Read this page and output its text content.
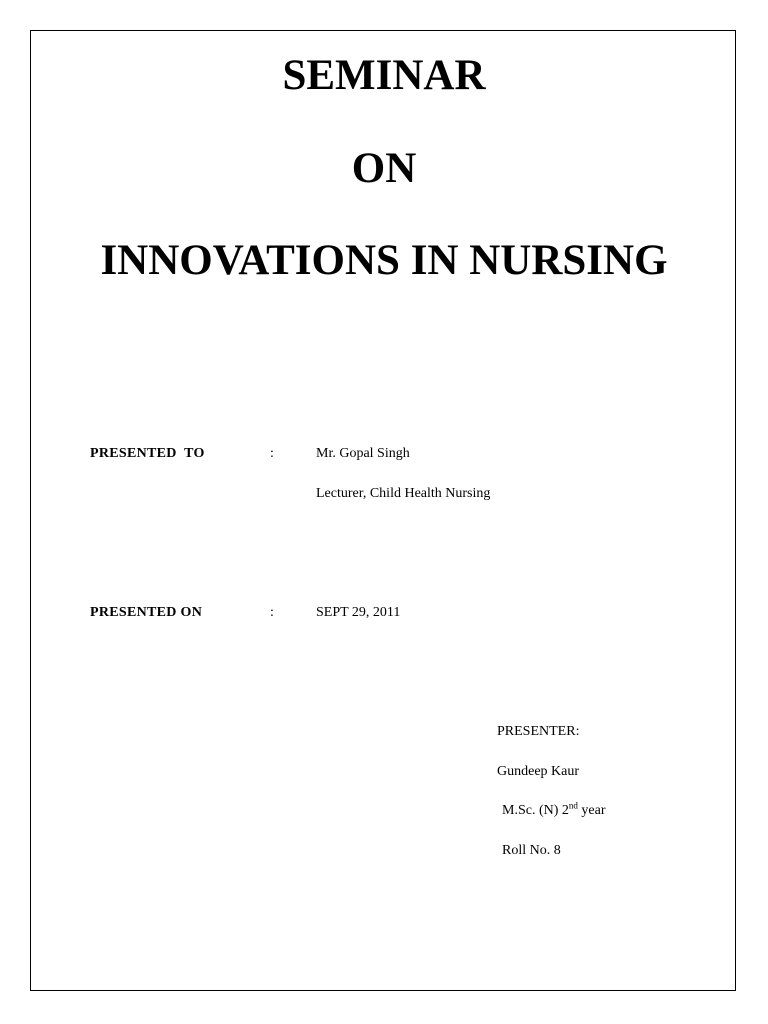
SEMINAR
ON
INNOVATIONS IN NURSING
PRESENTED  TO	:	Mr. Gopal Singh
Lecturer, Child Health Nursing
PRESENTED ON	:	SEPT 29, 2011
PRESENTER:
Gundeep Kaur
M.Sc. (N) 2nd year
Roll No. 8
